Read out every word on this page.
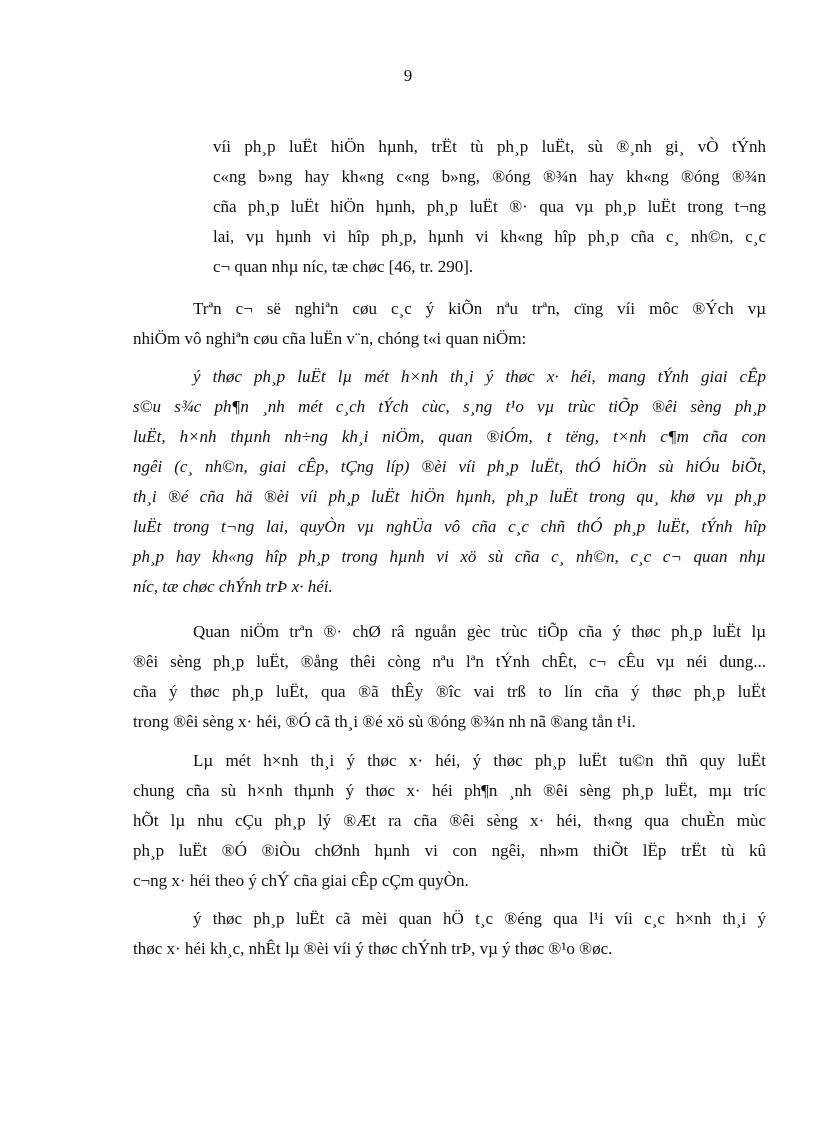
9
víi ph¸p luËt hiÖn hµnh, trËt tù ph¸p luËt, sù ®¸nh gi¸ vÒ tÝnh
c«ng b»ng hay kh«ng c«ng b»ng, ®óng ®¾n hay kh«ng ®óng ®¾n
cña ph¸p luËt hiÖn hµnh, ph¸p luËt ®· qua vµ ph¸p luËt trong t¬ng
lai, vµ hµnh vi hîp ph¸p, hµnh vi kh«ng hîp ph¸p cña c¸ nh©n, c¸c
c¬ quan nhµ níc, tæ chøc [46, tr. 290].
Trªn c¬ së nghiªn cøu c¸c ý kiÕn nªu trªn, cïng víi môc ®Ých vµ
nhiÖm vô nghiªn cøu cña luËn v¨n, chóng t«i quan niÖm:
ý thøc ph¸p luËt lµ mét h×nh th¸i ý thøc x· héi, mang tÝnh giai cÊp
s©u s¾c ph¶n ¸nh mét c¸ch tÝch cùc, s¸ng t¹o vµ trùc tiÕp ®êi sèng ph¸p
luËt, h×nh thµnh nh÷ng kh¸i niÖm, quan ®iÓm, t tëng, t×nh c¶m cña con
ngêi (c¸ nh©n, giai cÊp, tÇng líp) ®èi víi ph¸p luËt, thÓ hiÖn sù hiÓu biÕt,
th¸i ®é cña hä ®èi víi ph¸p luËt hiÖn hµnh, ph¸p luËt trong qu¸ khø vµ ph¸p
luËt trong t¬ng lai, quyÒn vµ nghÜa vô cña c¸c chñ thÓ ph¸p luËt, tÝnh hîp
ph¸p hay kh«ng hîp ph¸p trong hµnh vi xö sù cña c¸ nh©n, c¸c c¬ quan nhµ
níc, tæ chøc chÝnh trÞ x· héi.
Quan niÖm trªn ®· chØ râ nguån gèc trùc tiÕp cña ý thøc ph¸p luËt lµ
®êi sèng ph¸p luËt, ®ång thêi còng nªu lªn tÝnh chÊt, c¬ cÊu vµ néi dung...
cña ý thøc ph¸p luËt, qua ®ã thÊy ®îc vai trß to lín cña ý thøc ph¸p luËt
trong ®êi sèng x· héi, ®Ó cã th¸i ®é xö sù ®óng ®¾n nh nã ®ang tån t¹i.
Lµ mét h×nh th¸i ý thøc x· héi, ý thøc ph¸p luËt tu©n thñ quy luËt
chung cña sù h×nh thµnh ý thøc x· héi ph¶n ¸nh ®êi sèng ph¸p luËt, mµ tríc
hÕt lµ nhu cÇu ph¸p lý ®Æt ra cña ®êi sèng x· héi, th«ng qua chuÈn mùc
ph¸p luËt ®Ó ®iÒu chØnh hµnh vi con ngêi, nh»m thiÕt lËp trËt tù kû
c¬ng x· héi theo ý chÝ cña giai cÊp cÇm quyÒn.
ý thøc ph¸p luËt cã mèi quan hÖ t¸c ®éng qua l¹i víi c¸c h×nh th¸i ý
thøc x· héi kh¸c, nhÊt lµ ®èi víi ý thøc chÝnh trÞ, vµ ý thøc ®¹o ®øc.
